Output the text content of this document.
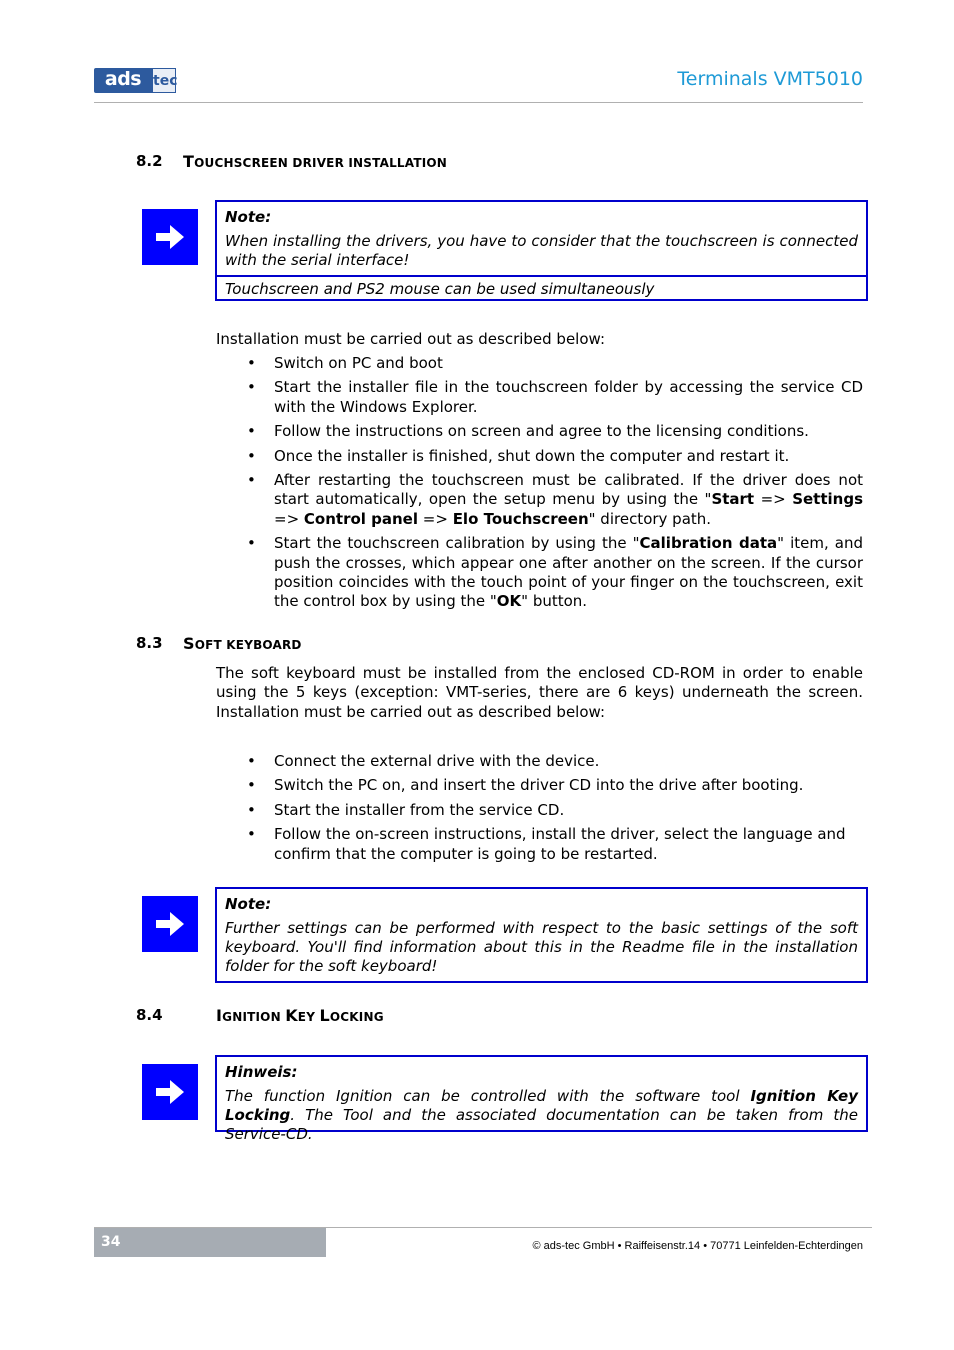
ads tec	Terminals VMT5010
8.2 TOUCHSCREEN DRIVER INSTALLATION
Note:
When installing the drivers, you have to consider that the touchscreen is connected with the serial interface!
Touchscreen and PS2 mouse can be used simultaneously
Installation must be carried out as described below:
• Switch on PC and boot
• Start the installer file in the touchscreen folder by accessing the service CD with the Windows Explorer.
• Follow the instructions on screen and agree to the licensing conditions.
• Once the installer is finished, shut down the computer and restart it.
• After restarting the touchscreen must be calibrated. If the driver does not start automatically, open the setup menu by using the "Start => Settings => Control panel => Elo Touchscreen" directory path.
• Start the touchscreen calibration by using the "Calibration data" item, and push the crosses, which appear one after another on the screen. If the cursor position coincides with the touch point of your finger on the touchscreen, exit the control box by using the "OK" button.
8.3 SOFT KEYBOARD
The soft keyboard must be installed from the enclosed CD-ROM in order to enable using the 5 keys (exception: VMT-series, there are 6 keys) underneath the screen. Installation must be carried out as described below:
• Connect the external drive with the device.
• Switch the PC on, and insert the driver CD into the drive after booting.
• Start the installer from the service CD.
• Follow the on-screen instructions, install the driver, select the language and confirm that the computer is going to be restarted.
Note:
Further settings can be performed with respect to the basic settings of the soft keyboard. You'll find information about this in the Readme file in the installation folder for the soft keyboard!
8.4	IGNITION KEY LOCKING
Hinweis:
The function Ignition can be controlled with the software tool Ignition Key Locking. The Tool and the associated documentation can be taken from the Service-CD.
34	© ads-tec GmbH • Raiffeisenstr.14 • 70771 Leinfelden-Echterdingen
